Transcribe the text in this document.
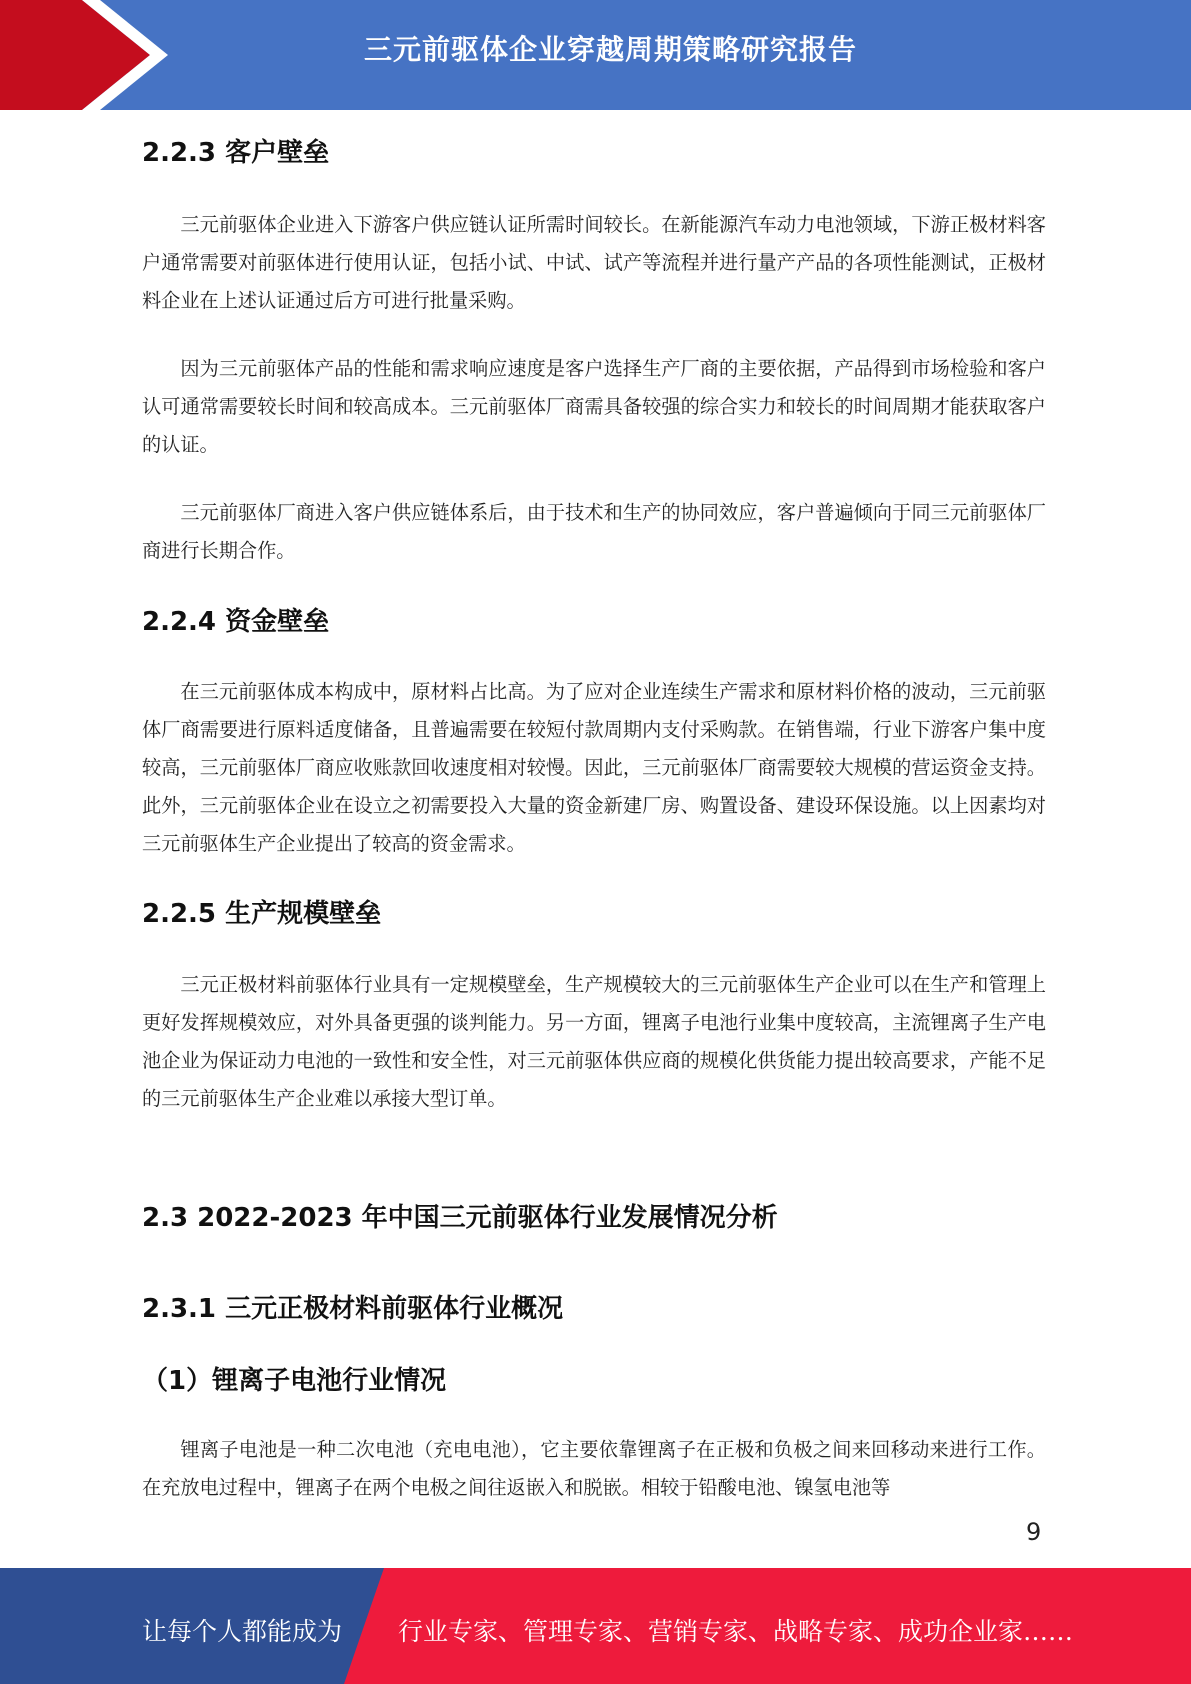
三元前驱体企业穿越周期策略研究报告
2.2.3 客户壁垒
三元前驱体企业进入下游客户供应链认证所需时间较长。在新能源汽车动力电池领域，下游正极材料客户通常需要对前驱体进行使用认证，包括小试、中试、试产等流程并进行量产产品的各项性能测试，正极材料企业在上述认证通过后方可进行批量采购。
因为三元前驱体产品的性能和需求响应速度是客户选择生产厂商的主要依据，产品得到市场检验和客户认可通常需要较长时间和较高成本。三元前驱体厂商需具备较强的综合实力和较长的时间周期才能获取客户的认证。
三元前驱体厂商进入客户供应链体系后，由于技术和生产的协同效应，客户普遍倾向于同三元前驱体厂商进行长期合作。
2.2.4 资金壁垒
在三元前驱体成本构成中，原材料占比高。为了应对企业连续生产需求和原材料价格的波动，三元前驱体厂商需要进行原料适度储备，且普遍需要在较短付款周期内支付采购款。在销售端，行业下游客户集中度较高，三元前驱体厂商应收账款回收速度相对较慢。因此，三元前驱体厂商需要较大规模的营运资金支持。此外，三元前驱体企业在设立之初需要投入大量的资金新建厂房、购置设备、建设环保设施。以上因素均对三元前驱体生产企业提出了较高的资金需求。
2.2.5 生产规模壁垒
三元正极材料前驱体行业具有一定规模壁垒，生产规模较大的三元前驱体生产企业可以在生产和管理上更好发挥规模效应，对外具备更强的谈判能力。另一方面，锂离子电池行业集中度较高，主流锂离子生产电池企业为保证动力电池的一致性和安全性，对三元前驱体供应商的规模化供货能力提出较高要求，产能不足的三元前驱体生产企业难以承接大型订单。
2.3 2022-2023 年中国三元前驱体行业发展情况分析
2.3.1 三元正极材料前驱体行业概况
（1）锂离子电池行业情况
锂离子电池是一种二次电池（充电电池），它主要依靠锂离子在正极和负极之间来回移动来进行工作。在充放电过程中，锂离子在两个电极之间往返嵌入和脱嵌。相较于铅酸电池、镍氢电池等
9
让每个人都能成为 行业专家、管理专家、营销专家、战略专家、成功企业家……
